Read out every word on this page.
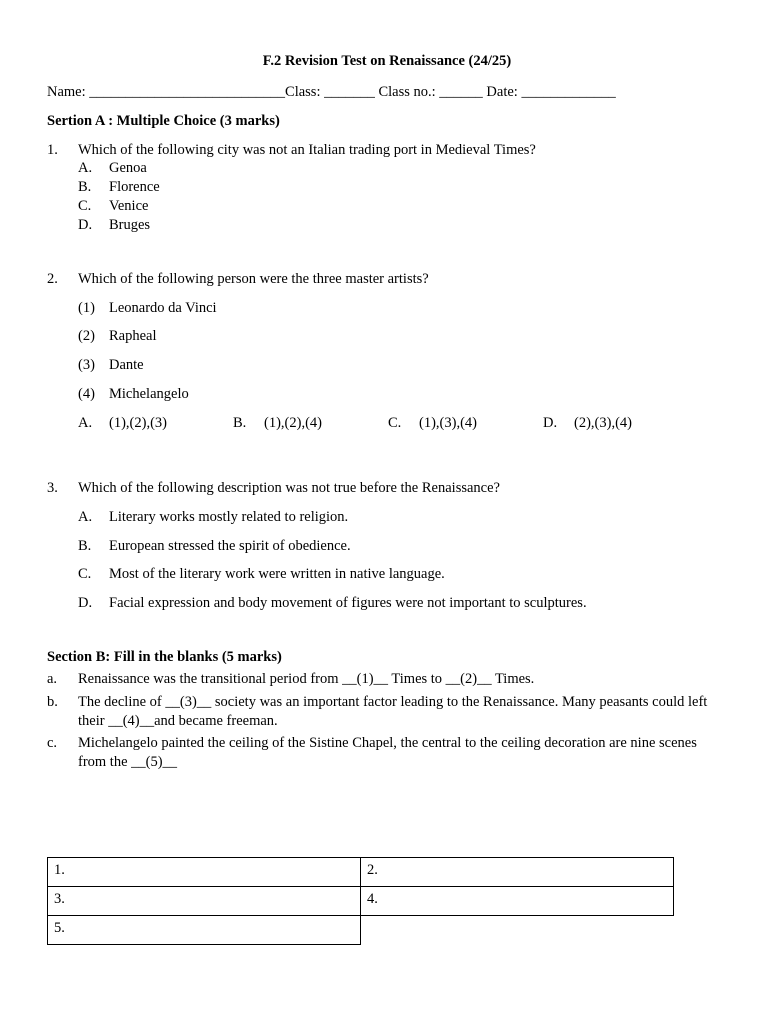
F.2 Revision Test on Renaissance (24/25)
Name: ___________________________Class: _______ Class no.: ______ Date: _____________
Sertion A : Multiple Choice (3 marks)
1.	Which of the following city was not an Italian trading port in Medieval Times?
A.	Genoa
B.	Florence
C.	Venice
D.	Bruges
2.	Which of the following person were the three master artists?
(1) Leonardo da Vinci
(2) Rapheal
(3) Dante
(4) Michelangelo
A.	(1),(2),(3)	B.	(1),(2),(4)	C.	(1),(3),(4)	D.	(2),(3),(4)
3.	Which of the following description was not true before the Renaissance?
A.	Literary works mostly related to religion.
B.	European stressed the spirit of obedience.
C.	Most of the literary work were written in native language.
D.	Facial expression and body movement of figures were not important to sculptures.
Section B: Fill in the blanks (5 marks)
a.	Renaissance was the transitional period from __(1)__ Times to __(2)__ Times.
b.	The decline of __(3)__ society was an important factor leading to the Renaissance. Many peasants could left their __(4)__and became freeman.
c.	Michelangelo painted the ceiling of the Sistine Chapel, the central to the ceiling decoration are nine scenes from the __(5)__
1.	2.
3.	4.
5.	
